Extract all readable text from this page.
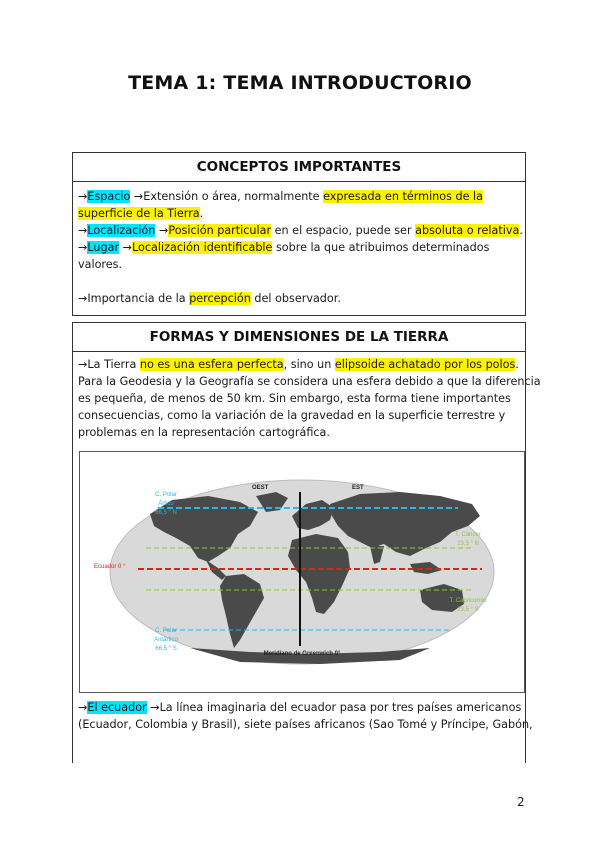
TEMA 1: TEMA INTRODUCTORIO
CONCEPTOS IMPORTANTES
→Espacio →Extensión o área, normalmente expresada en términos de la
superficie de la Tierra.
→Localización →Posición particular en el espacio, puede ser absoluta o relativa.
→Lugar →Localización identificable sobre la que atribuimos determinados
valores.
→Importancia de la percepción del observador.
FORMAS Y DIMENSIONES DE LA TIERRA
→La Tierra no es una esfera perfecta, sino un elipsoide achatado por los polos.
Para la Geodesia y la Geografía se considera una esfera debido a que la diferencia
es pequeña, de menos de 50 km. Sin embargo, esta forma tiene importantes
consecuencias, como la variación de la gravedad en la superficie terrestre y
problemas en la representación cartográfica.
OEST	EST
C. Polar
Ártico
66,5 ° N
Ecuador 0 °
C. Polar
Antártico
66,5 ° S
T. Cáncer
23,5 ° N
T. Capricornio
23,5 ° S
Meridiano de Greenwich 0°
→El ecuador →La línea imaginaria del ecuador pasa por tres países americanos
(Ecuador, Colombia y Brasil), siete países africanos (Sao Tomé y Príncipe, Gabón,
2
